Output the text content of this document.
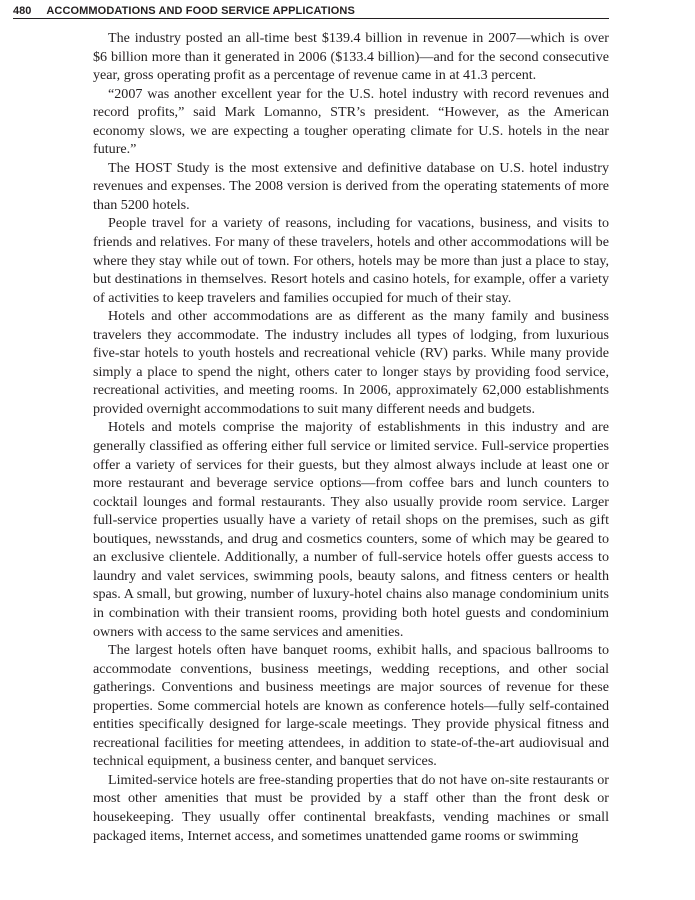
480 ACCOMMODATIONS AND FOOD SERVICE APPLICATIONS

The industry posted an all-time best $139.4 billion in revenue in 2007—which is over $6 billion more than it generated in 2006 ($133.4 billion)—and for the second consecutive year, gross operating profit as a percentage of revenue came in at 41.3 percent.

“2007 was another excellent year for the U.S. hotel industry with record revenues and record profits,” said Mark Lomanno, STR’s president. “However, as the American economy slows, we are expecting a tougher operating climate for U.S. hotels in the near future.”

The HOST Study is the most extensive and definitive database on U.S. hotel industry revenues and expenses. The 2008 version is derived from the operating statements of more than 5200 hotels.

People travel for a variety of reasons, including for vacations, business, and visits to friends and relatives. For many of these travelers, hotels and other accommodations will be where they stay while out of town. For others, hotels may be more than just a place to stay, but destinations in themselves. Resort hotels and casino hotels, for example, offer a variety of activities to keep travelers and families occupied for much of their stay.

Hotels and other accommodations are as different as the many family and business travelers they accommodate. The industry includes all types of lodging, from luxurious five-star hotels to youth hostels and recreational vehicle (RV) parks. While many provide simply a place to spend the night, others cater to longer stays by providing food service, recreational activities, and meeting rooms. In 2006, approximately 62,000 establishments provided overnight accommodations to suit many different needs and budgets.

Hotels and motels comprise the majority of establishments in this industry and are generally classified as offering either full service or limited service. Full-service properties offer a variety of services for their guests, but they almost always include at least one or more restaurant and beverage service options—from coffee bars and lunch counters to cocktail lounges and formal restaurants. They also usually provide room service. Larger full-service properties usually have a variety of retail shops on the premises, such as gift boutiques, newsstands, and drug and cosmetics counters, some of which may be geared to an exclusive clientele. Additionally, a number of full-service hotels offer guests access to laundry and valet services, swimming pools, beauty salons, and fitness centers or health spas. A small, but growing, number of luxury-hotel chains also manage condominium units in combination with their transient rooms, providing both hotel guests and condominium owners with access to the same services and amenities.

The largest hotels often have banquet rooms, exhibit halls, and spacious ballrooms to accommodate conventions, business meetings, wedding receptions, and other social gatherings. Conventions and business meetings are major sources of revenue for these properties. Some commercial hotels are known as conference hotels—fully self-contained entities specifically designed for large-scale meetings. They provide physical fitness and recreational facilities for meeting attendees, in addition to state-of-the-art audiovisual and technical equipment, a business center, and banquet services.

Limited-service hotels are free-standing properties that do not have on-site restaurants or most other amenities that must be provided by a staff other than the front desk or housekeeping. They usually offer continental breakfasts, vending machines or small packaged items, Internet access, and sometimes unattended game rooms or swimming
